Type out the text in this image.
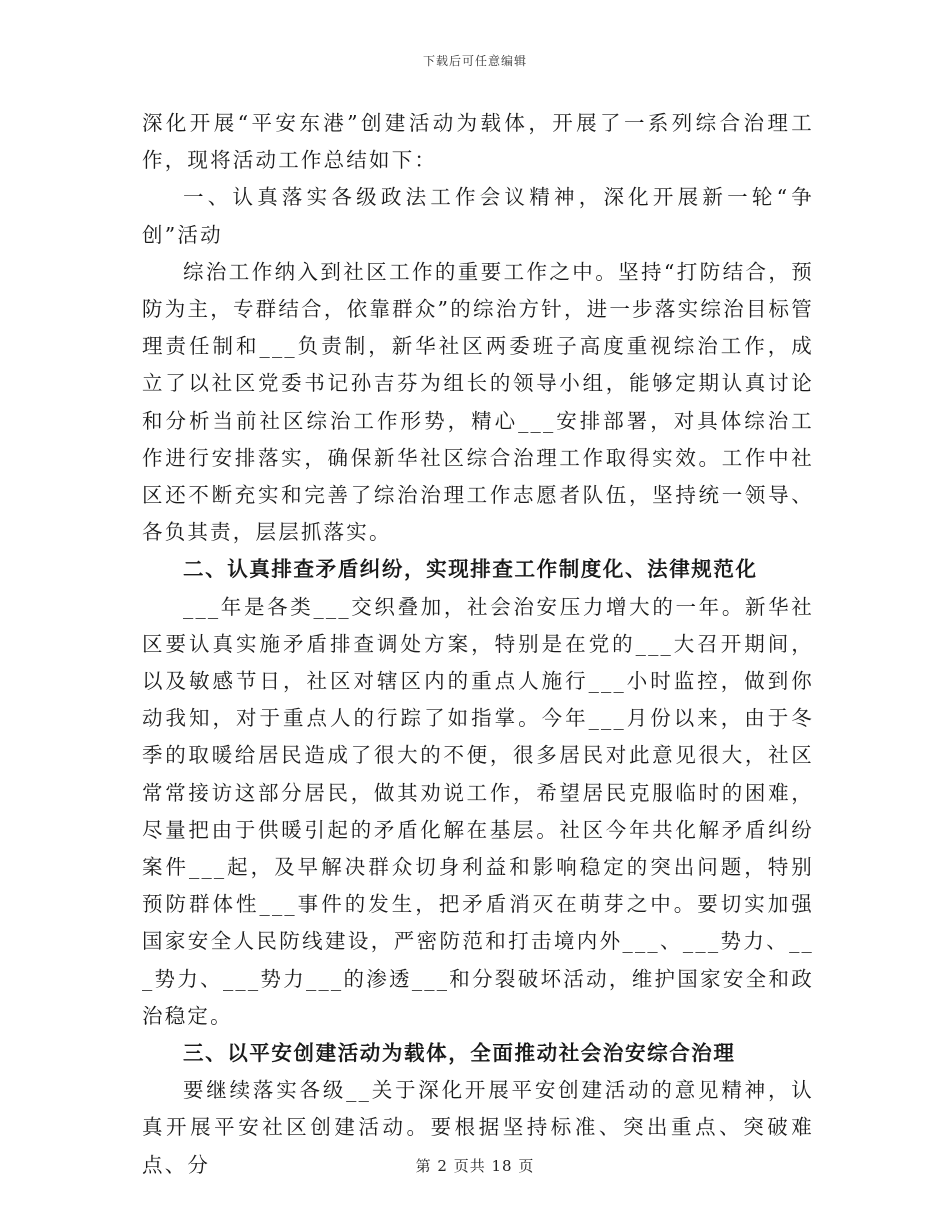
下载后可任意编辑

深化开展“平安东港”创建活动为载体，开展了一系列综合治理工作，现将活动工作总结如下：

一、认真落实各级政法工作会议精神，深化开展新一轮“争创”活动

综治工作纳入到社区工作的重要工作之中。坚持“打防结合，预防为主，专群结合，依靠群众”的综治方针，进一步落实综治目标管理责任制和___负责制，新华社区两委班子高度重视综治工作，成立了以社区党委书记孙吉芬为组长的领导小组，能够定期认真讨论和分析当前社区综治工作形势，精心___安排部署，对具体综治工作进行安排落实，确保新华社区综合治理工作取得实效。工作中社区还不断充实和完善了综治治理工作志愿者队伍，坚持统一领导、各负其责，层层抓落实。

二、认真排查矛盾纠纷，实现排查工作制度化、法律规范化

___年是各类___交织叠加，社会治安压力增大的一年。新华社区要认真实施矛盾排查调处方案，特别是在党的___大召开期间，以及敏感节日，社区对辖区内的重点人施行___小时监控，做到你动我知，对于重点人的行踪了如指掌。今年___月份以来，由于冬季的取暖给居民造成了很大的不便，很多居民对此意见很大，社区常常接访这部分居民，做其劝说工作，希望居民克服临时的困难，尽量把由于供暖引起的矛盾化解在基层。社区今年共化解矛盾纠纷案件___起，及早解决群众切身利益和影响稳定的突出问题，特别预防群体性___事件的发生，把矛盾消灭在萌芽之中。要切实加强国家安全人民防线建设，严密防范和打击境内外___、___势力、___势力、___势力___的渗透___和分裂破坏活动，维护国家安全和政治稳定。

三、以平安创建活动为载体，全面推动社会治安综合治理

要继续落实各级__关于深化开展平安创建活动的意见精神，认真开展平安社区创建活动。要根据坚持标准、突出重点、突破难点、分	第 2 页共 18 页
